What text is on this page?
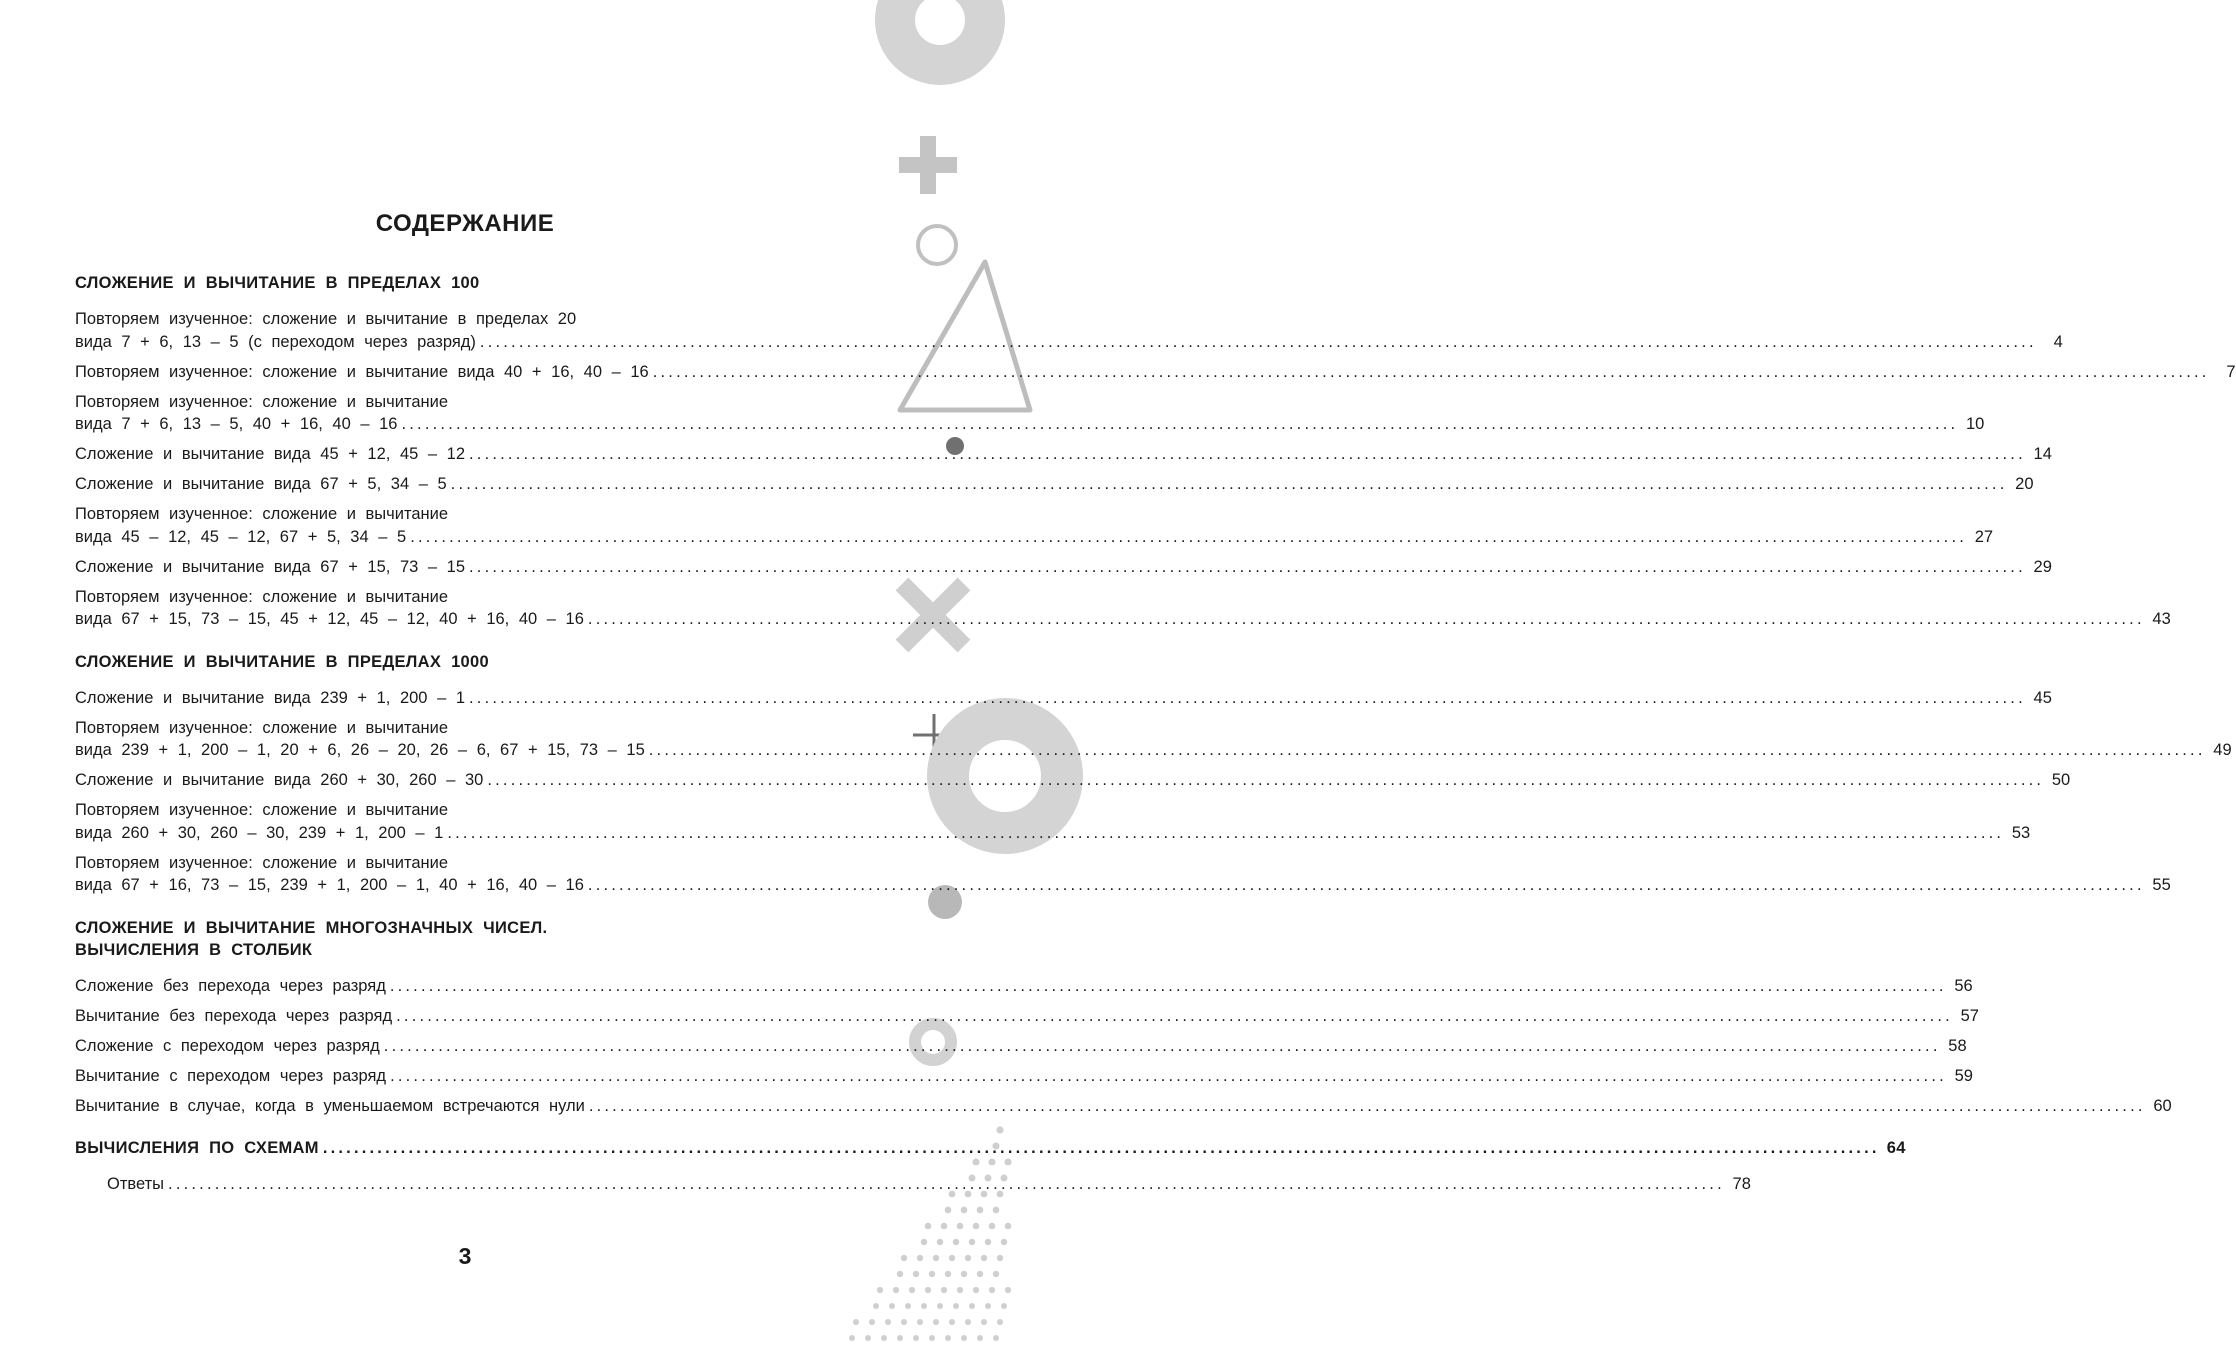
СОДЕРЖАНИЕ
СЛОЖЕНИЕ И ВЫЧИТАНИЕ В ПРЕДЕЛАХ 100
Повторяем изученное: сложение и вычитание в пределах 20
вида 7 + 6, 13 – 5 (с переходом через разряд) ........................................................................................................................................................................................................	4
Повторяем изученное: сложение и вычитание вида 40 + 16, 40 – 16 ........................................................................................................................................................................................................	7
Повторяем изученное: сложение и вычитание
вида 7 + 6, 13 – 5, 40 + 16, 40 – 16 ........................................................................................................................................................................................................ 10
Сложение и вычитание вида 45 + 12, 45 – 12 ........................................................................................................................................................................................................ 14
Сложение и вычитание вида 67 + 5, 34 – 5 ........................................................................................................................................................................................................ 20
Повторяем изученное: сложение и вычитание
вида 45 – 12, 45 – 12, 67 + 5, 34 – 5 ........................................................................................................................................................................................................ 27
Сложение и вычитание вида 67 + 15, 73 – 15 ........................................................................................................................................................................................................ 29
Повторяем изученное: сложение и вычитание
вида 67 + 15, 73 – 15, 45 + 12, 45 – 12, 40 + 16, 40 – 16 ........................................................................................................................................................................................................ 43
СЛОЖЕНИЕ И ВЫЧИТАНИЕ В ПРЕДЕЛАХ 1000
Сложение и вычитание вида 239 + 1, 200 – 1 ........................................................................................................................................................................................................ 45
Повторяем изученное: сложение и вычитание
вида 239 + 1, 200 – 1, 20 + 6, 26 – 20, 26 – 6, 67 + 15, 73 – 15 ........................................................................................................................................................................................................ 49
Сложение и вычитание вида 260 + 30, 260 – 30 ........................................................................................................................................................................................................ 50
Повторяем изученное: сложение и вычитание
вида 260 + 30, 260 – 30, 239 + 1, 200 – 1 ........................................................................................................................................................................................................ 53
Повторяем изученное: сложение и вычитание
вида 67 + 16, 73 – 15, 239 + 1, 200 – 1, 40 + 16, 40 – 16 ........................................................................................................................................................................................................ 55
СЛОЖЕНИЕ И ВЫЧИТАНИЕ МНОГОЗНАЧНЫХ ЧИСЕЛ.
ВЫЧИСЛЕНИЯ В СТОЛБИК
Сложение без перехода через разряд ........................................................................................................................................................................................................ 56
Вычитание без перехода через разряд ........................................................................................................................................................................................................ 57
Сложение с переходом через разряд ........................................................................................................................................................................................................ 58
Вычитание с переходом через разряд ........................................................................................................................................................................................................ 59
Вычитание в случае, когда в уменьшаемом встречаются нули ........................................................................................................................................................................................................ 60
ВЫЧИСЛЕНИЯ ПО СХЕМАМ ........................................................................................................................................................................................................ 64
Ответы ........................................................................................................................................................................................................ 78
3
